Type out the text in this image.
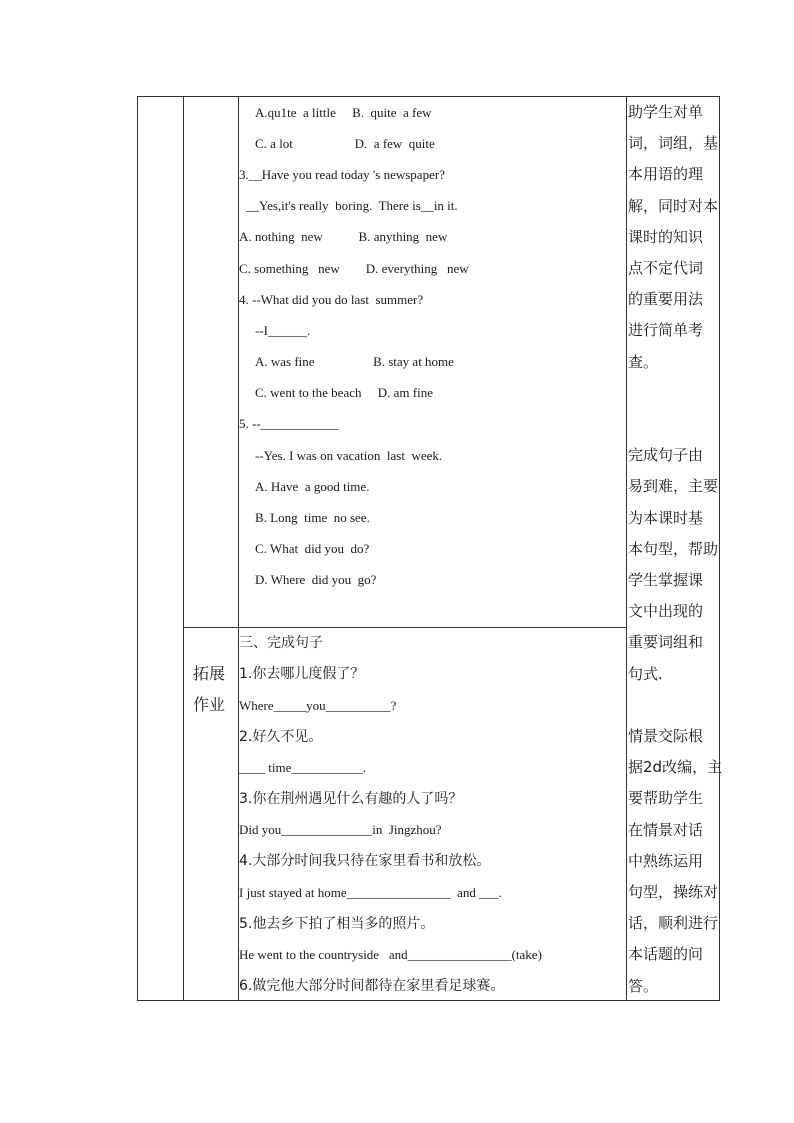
拓展
作业
A.qu1te  a little     B.  quite  a few
C. a lot                   D.  a few  quite
3.__Have you read today 's newspaper?
__Yes,it's really  boring.  There is__in it.
A. nothing  new           B. anything  new
C. something   new        D. everything   new
4. --What did you do last  summer?
--I______.
A. was fine                  B. stay at home
C. went to the beach     D. am fine
5. --____________
--Yes. I was on vacation  last  week.
A. Have  a good time.
B. Long  time  no see.
C. What  did you  do?
D. Where  did you  go?
三、完成句子
1.你去哪儿度假了？
Where_____you__________?
2.好久不见。
____ time___________.
3.你在荆州遇见什么有趣的人了吗？
Did you______________in  Jingzhou?
4.大部分时间我只待在家里看书和放松。
I just stayed at home________________  and ___.
5.他去乡下拍了相当多的照片。
He went to the countryside   and________________(take)
6.做完他大部分时间都待在家里看足球赛。
助学生对单
词，词组，基
本用语的理
解，同时对本
课时的知识
点不定代词
的重要用法
进行简单考
查。

完成句子由
易到难，主要
为本课时基
本句型，帮助
学生掌握课
文中出现的
重要词组和
句式.

情景交际根
据2d改编，主
要帮助学生
在情景对话
中熟练运用
句型，操练对
话，顺利进行
本话题的问
答。
